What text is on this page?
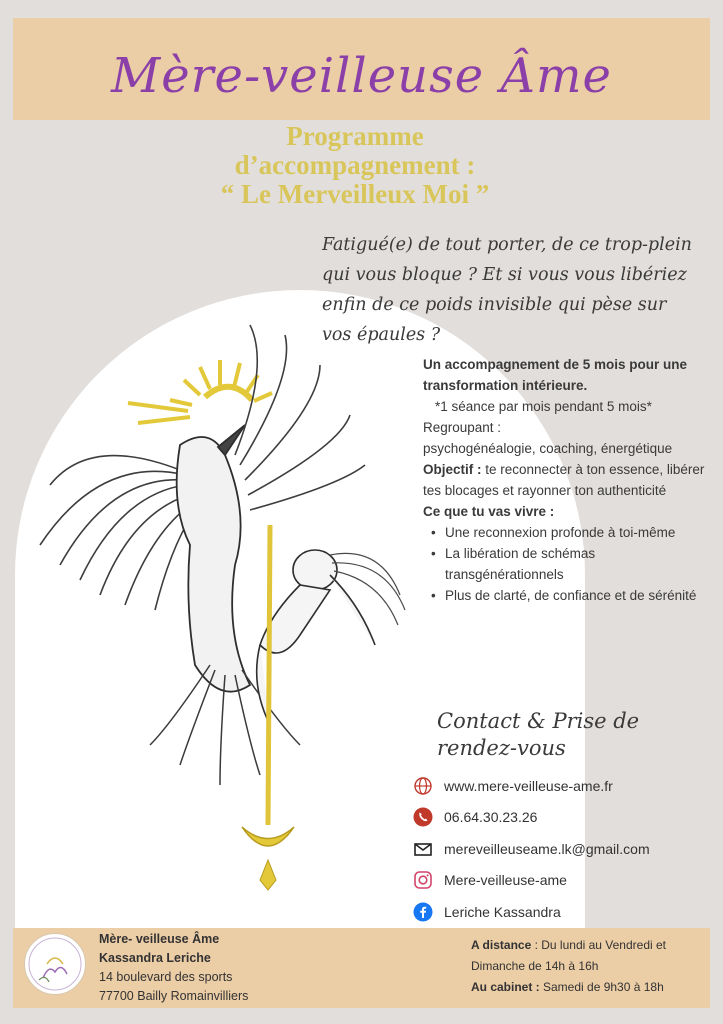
Mère-veilleuse Âme
Programme
d’accompagnement :
“ Le Merveilleux Moi ”
Fatigué(e) de tout porter, de ce trop-plein qui vous bloque ? Et si vous vous libériez enfin de ce poids invisible qui pèse sur vos épaules ?
Un accompagnement de 5 mois pour une transformation intérieure.
*1 séance par mois pendant 5 mois*
Regroupant :
psychogénéalogie, coaching, énergétique
Objectif : te reconnecter à ton essence, libérer tes blocages et rayonner ton authenticité
Ce que tu vas vivre :
• Une reconnexion profonde à toi-même
• La libération de schémas transgénérationnels
• Plus de clarté, de confiance et de sérénité
Contact & Prise de rendez-vous
www.mere-veilleuse-ame.fr
06.64.30.23.26
mereveilleuseame.lk@gmail.com
Mere-veilleuse-ame
Leriche Kassandra
Mère- veilleuse Âme
Kassandra Leriche
14 boulevard des sports
77700 Bailly Romainvilliers
A distance : Du lundi au Vendredi et Dimanche de 14h à 16h
Au cabinet : Samedi de 9h30 à 18h
